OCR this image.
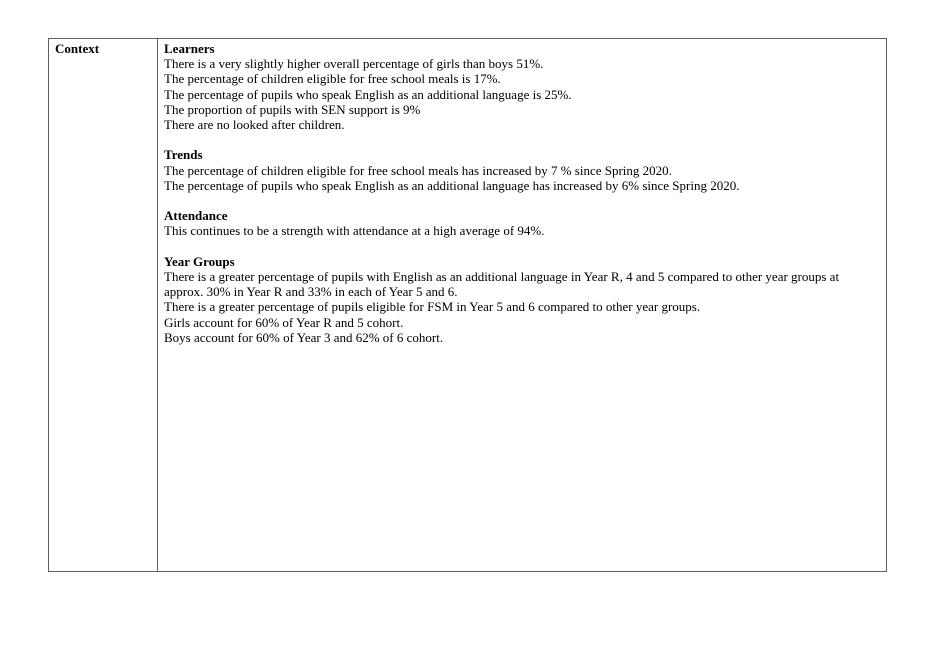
Context	Learners
There is a very slightly higher overall percentage of girls than boys 51%.
The percentage of children eligible for free school meals is 17%.
The percentage of pupils who speak English as an additional language is 25%.
The proportion of pupils with SEN support is 9%
There are no looked after children.
Trends
The percentage of children eligible for free school meals has increased by 7 % since Spring 2020.
The percentage of pupils who speak English as an additional language has increased by 6% since Spring 2020.
Attendance
This continues to be a strength with attendance at a high average of 94%.
Year Groups
There is a greater percentage of pupils with English as an additional language in Year R, 4 and 5 compared to other year groups at approx. 30% in Year R and 33% in each of Year 5 and 6.
There is a greater percentage of pupils eligible for FSM in Year 5 and 6 compared to other year groups.
Girls account for 60% of Year R and 5 cohort.
Boys account for 60% of Year 3 and 62% of 6 cohort.
